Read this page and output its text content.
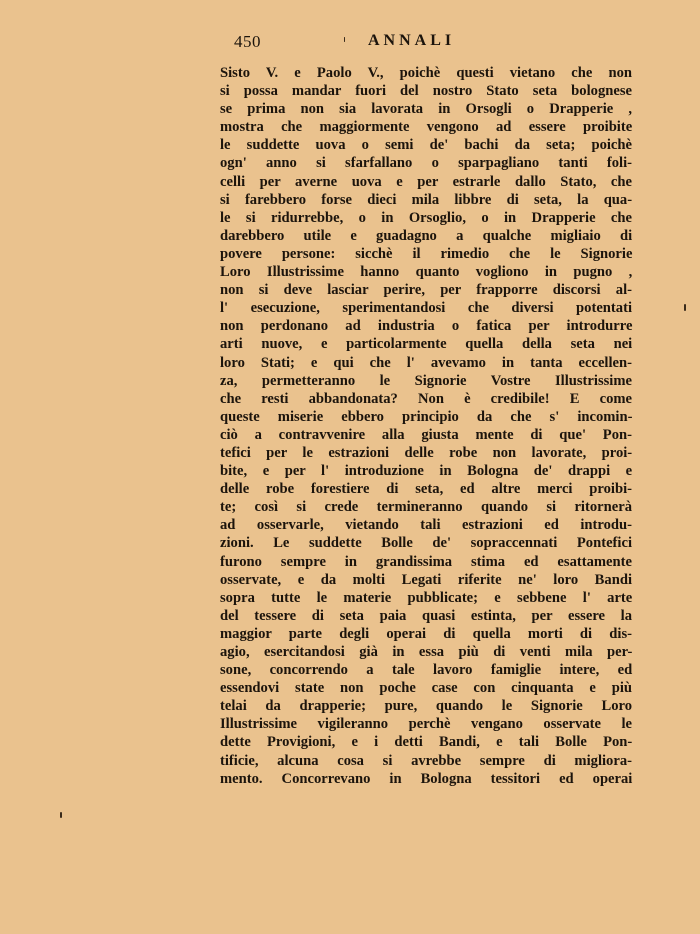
450	ANNALI
Sisto V. e Paolo V., poichè questi vietano che non
si possa mandar fuori del nostro Stato seta bolognese
se prima non sia lavorata in Orsogli o Drapperie ,
mostra che maggiormente vengono ad essere proibite
le suddette uova o semi de' bachi da seta; poichè
ogn' anno si sfarfallano o sparpagliano tanti foli-
celli per averne uova e per estrarle dallo Stato, che
si farebbero forse dieci mila libbre di seta, la qua-
le si ridurrebbe, o in Orsoglio, o in Drapperie che
darebbero utile e guadagno a qualche migliaio di
povere persone: sicchè il rimedio che le Signorie
Loro Illustrissime hanno quanto vogliono in pugno ,
non si deve lasciar perire, per frapporre discorsi al-
l' esecuzione, sperimentandosi che diversi potentati
non perdonano ad industria o fatica per introdurre
arti nuove, e particolarmente quella della seta nei
loro Stati; e qui che l' avevamo in tanta eccellen-
za, permetteranno le Signorie Vostre Illustrissime
che resti abbandonata? Non è credibile! E come
queste miserie ebbero principio da che s' incomin-
ciò a contravvenire alla giusta mente di que' Pon-
tefici per le estrazioni delle robe non lavorate, proi-
bite, e per l' introduzione in Bologna de' drappi e
delle robe forestiere di seta, ed altre merci proibi-
te; così si crede termineranno quando si ritornerà
ad osservarle, vietando tali estrazioni ed introdu-
zioni. Le suddette Bolle de' sopraccennati Pontefici
furono sempre in grandissima stima ed esattamente
osservate, e da molti Legati riferite ne' loro Bandi
sopra tutte le materie pubblicate; e sebbene l' arte
del tessere di seta paia quasi estinta, per essere la
maggior parte degli operai di quella morti di dis-
agio, esercitandosi già in essa più di venti mila per-
sone, concorrendo a tale lavoro famiglie intere, ed
essendovi state non poche case con cinquanta e più
telai da drapperie; pure, quando le Signorie Loro
Illustrissime vigileranno perchè vengano osservate le
dette Provigioni, e i detti Bandi, e tali Bolle Pon-
tificie, alcuna cosa si avrebbe sempre di migliora-
mento. Concorrevano in Bologna tessitori ed operai
